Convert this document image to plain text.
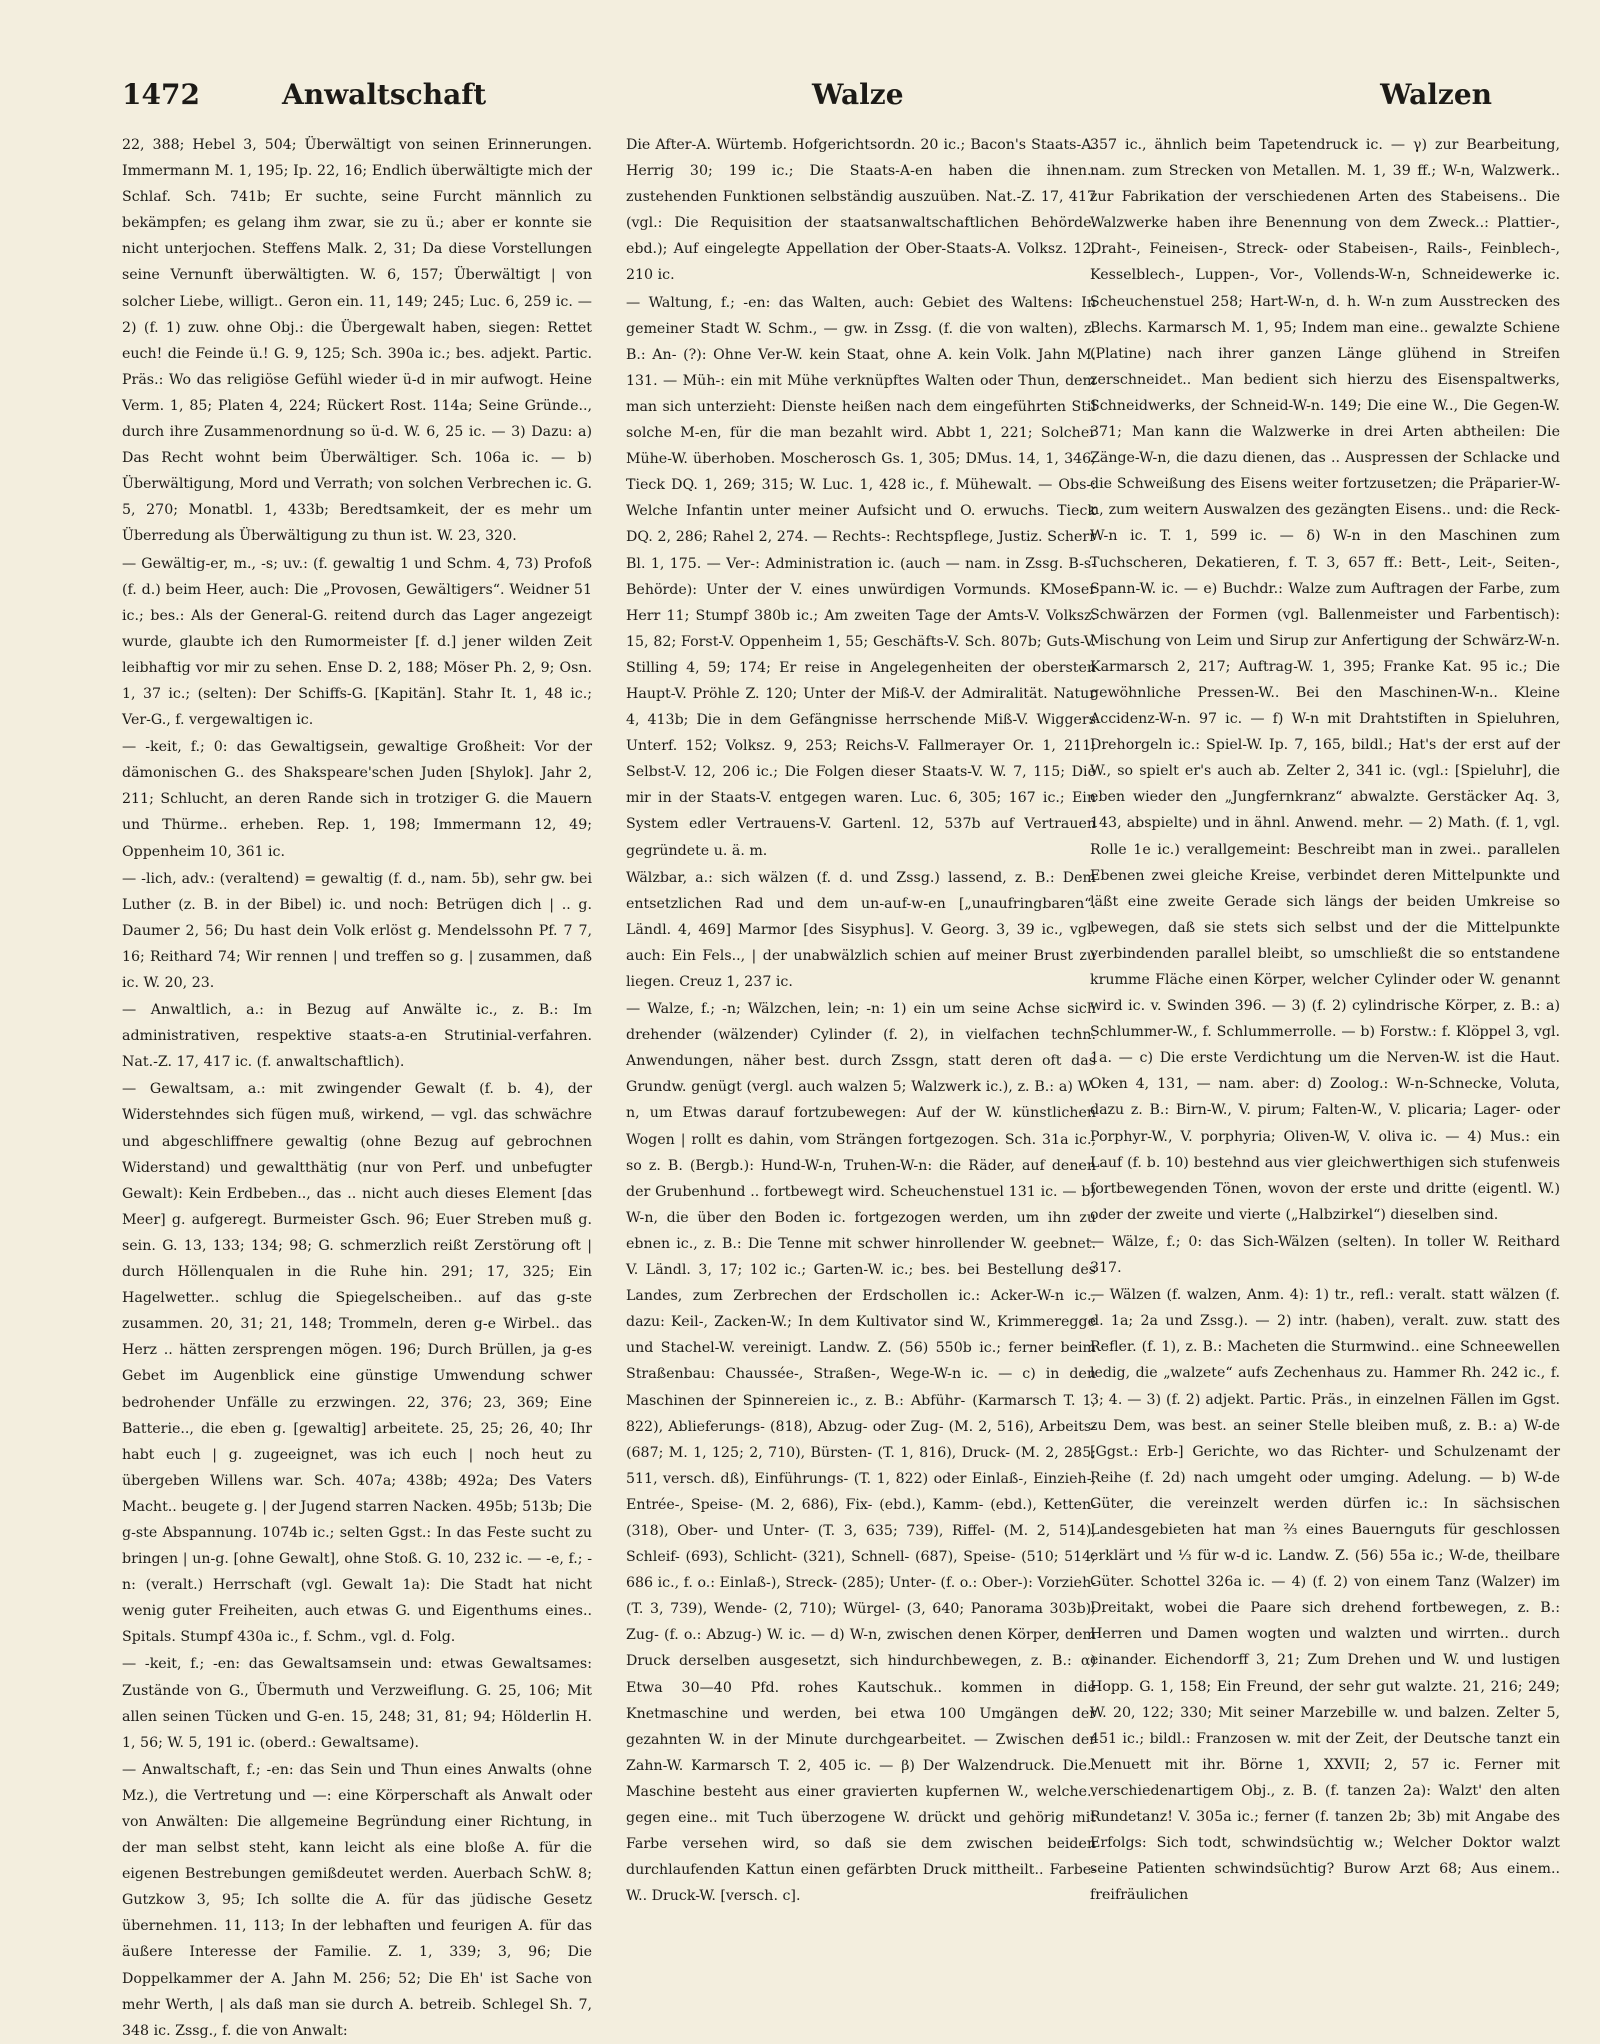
1472	Anwaltschaft	Walze	Walzen

22, 388; Hebel 3, 504; Überwältigt von seinen Erinnerungen. Immermann M. 1, 195; Ip. 22, 16; Endlich überwältigte mich der Schlaf. Sch. 741b; Er suchte, seine Furcht männlich zu bekämpfen; es gelang ihm zwar, sie zu ü.; aber er konnte sie nicht unterjochen. Steffens Malk. 2, 31; Da diese Vorstellungen seine Vernunft überwältigten. W. 6, 157; Überwältigt | von solcher Liebe, willigt.. Geron ein. 11, 149; 245; Luc. 6, 259 ic. — 2) (f. 1) zuw. ohne Obj.: die Übergewalt haben, siegen: Rettet euch! die Feinde ü.! G. 9, 125; Sch. 390a ic.; bes. adjekt. Partic. Präs.: Wo das religiöse Gefühl wieder ü-d in mir aufwogt. Heine Verm. 1, 85; Platen 4, 224; Rückert Rost. 114a; Seine Gründe.., durch ihre Zusammenordnung so ü-d. W. 6, 25 ic. — 3) Dazu: a) Das Recht wohnt beim Überwältiger. Sch. 106a ic. — b) Überwältigung, Mord und Verrath; von solchen Verbrechen ic. G. 5, 270; Monatbl. 1, 433b; Beredtsamkeit, der es mehr um Überredung als Überwältigung zu thun ist. W. 23, 320.

— Gewältig-er, m., -s; uv.: (f. gewaltig 1 und Schm. 4, 73) Profoß (f. d.) beim Heer, auch: Die „Provosen, Gewältigers“. Weidner 51 ic.; bes.: Als der General-G. reitend durch das Lager angezeigt wurde, glaubte ich den Rumormeister [f. d.] jener wilden Zeit leibhaftig vor mir zu sehen. Ense D. 2, 188; Möser Ph. 2, 9; Osn. 1, 37 ic.; (selten): Der Schiffs-G. [Kapitän]. Stahr It. 1, 48 ic.; Ver-G., f. vergewaltigen ic.

— -keit, f.; 0: das Gewaltigsein, gewaltige Großheit: Vor der dämonischen G.. des Shakspeare'schen Juden [Shylok]. Jahr 2, 211; Schlucht, an deren Rande sich in trotziger G. die Mauern und Thürme.. erheben. Rep. 1, 198; Immermann 12, 49; Oppenheim 10, 361 ic.

— -lich, adv.: (veraltend) = gewaltig (f. d., nam. 5b), sehr gw. bei Luther (z. B. in der Bibel) ic. und noch: Betrügen dich | .. g. Daumer 2, 56; Du hast dein Volk erlöst g. Mendelssohn Pf. 7 7, 16; Reithard 74; Wir rennen | und treffen so g. | zusammen, daß ic. W. 20, 23.

— Anwaltlich, a.: in Bezug auf Anwälte ic., z. B.: Im administrativen, respektive staats-a-en Strutinial-verfahren. Nat.-Z. 17, 417 ic. (f. anwaltschaftlich).

— Gewaltsam, a.: mit zwingender Gewalt (f. b. 4), der Widerstehndes sich fügen muß, wirkend, — vgl. das schwächre und abgeschliffnere gewaltig (ohne Bezug auf gebrochnen Widerstand) und gewaltthätig (nur von Perf. und unbefugter Gewalt): Kein Erdbeben.., das .. nicht auch dieses Element [das Meer] g. aufgeregt. Burmeister Gsch. 96; Euer Streben muß g. sein. G. 13, 133; 134; 98; G. schmerzlich reißt Zerstörung oft | durch Höllenqualen in die Ruhe hin. 291; 17, 325; Ein Hagelwetter.. schlug die Spiegelscheiben.. auf das g-ste zusammen. 20, 31; 21, 148; Trommeln, deren g-e Wirbel.. das Herz .. hätten zersprengen mögen. 196; Durch Brüllen, ja g-es Gebet im Augenblick eine günstige Umwendung schwer bedrohender Unfälle zu erzwingen. 22, 376; 23, 369; Eine Batterie.., die eben g. [gewaltig] arbeitete. 25, 25; 26, 40; Ihr habt euch | g. zugeeignet, was ich euch | noch heut zu übergeben Willens war. Sch. 407a; 438b; 492a; Des Vaters Macht.. beugete g. | der Jugend starren Nacken. 495b; 513b; Die g-ste Abspannung. 1074b ic.; selten Ggst.: In das Feste sucht zu bringen | un-g. [ohne Gewalt], ohne Stoß. G. 10, 232 ic. — -e, f.; -n: (veralt.) Herrschaft (vgl. Gewalt 1a): Die Stadt hat nicht wenig guter Freiheiten, auch etwas G. und Eigenthums eines.. Spitals. Stumpf 430a ic., f. Schm., vgl. d. Folg.

— -keit, f.; -en: das Gewaltsamsein und: etwas Gewaltsames: Zustände von G., Übermuth und Verzweiflung. G. 25, 106; Mit allen seinen Tücken und G-en. 15, 248; 31, 81; 94; Hölderlin H. 1, 56; W. 5, 191 ic. (oberd.: Gewaltsame).

— Anwaltschaft, f.; -en: das Sein und Thun eines Anwalts (ohne Mz.), die Vertretung und —: eine Körperschaft als Anwalt oder von Anwälten: Die allgemeine Begründung einer Richtung, in der man selbst steht, kann leicht als eine bloße A. für die eigenen Bestrebungen gemißdeutet werden. Auerbach SchW. 8; Gutzkow 3, 95; Ich sollte die A. für das jüdische Gesetz übernehmen. 11, 113; In der lebhaften und feurigen A. für das äußere Interesse der Familie. Z. 1, 339; 3, 96; Die Doppelkammer der A. Jahn M. 256; 52; Die Eh' ist Sache von mehr Werth, | als daß man sie durch A. betreib. Schlegel Sh. 7, 348 ic. Zssg., f. die von Anwalt:

Die After-A. Würtemb. Hofgerichtsordn. 20 ic.; Bacon's Staats-A. Herrig 30; 199 ic.; Die Staats-A-en haben die ihnen.. zustehenden Funktionen selbständig auszuüben. Nat.-Z. 17, 417 (vgl.: Die Requisition der staatsanwaltschaftlichen Behörde. ebd.); Auf eingelegte Appellation der Ober-Staats-A. Volksz. 12, 210 ic.

— Waltung, f.; -en: das Walten, auch: Gebiet des Waltens: In gemeiner Stadt W. Schm., — gw. in Zssg. (f. die von walten), z. B.: An- (?): Ohne Ver-W. kein Staat, ohne A. kein Volk. Jahn M. 131. — Müh-: ein mit Mühe verknüpftes Walten oder Thun, dem man sich unterzieht: Dienste heißen nach dem eingeführten Stil solche M-en, für die man bezahlt wird. Abbt 1, 221; Solcher Mühe-W. überhoben. Moscherosch Gs. 1, 305; DMus. 14, 1, 346; Tieck DQ. 1, 269; 315; W. Luc. 1, 428 ic., f. Mühewalt. — Obs-: Welche Infantin unter meiner Aufsicht und O. erwuchs. Tieck DQ. 2, 286; Rahel 2, 274. — Rechts-: Rechtspflege, Justiz. Scherr Bl. 1, 175. — Ver-: Administration ic. (auch — nam. in Zssg. B-s-Behörde): Unter der V. eines unwürdigen Vormunds. KMoser Herr 11; Stumpf 380b ic.; Am zweiten Tage der Amts-V. Volksz. 15, 82; Forst-V. Oppenheim 1, 55; Geschäfts-V. Sch. 807b; Guts-V. Stilling 4, 59; 174; Er reise in Angelegenheiten der obersten Haupt-V. Pröhle Z. 120; Unter der Miß-V. der Admiralität. Natur 4, 413b; Die in dem Gefängnisse herrschende Miß-V. Wiggers Unterf. 152; Volksz. 9, 253; Reichs-V. Fallmerayer Or. 1, 211; Selbst-V. 12, 206 ic.; Die Folgen dieser Staats-V. W. 7, 115; Die mir in der Staats-V. entgegen waren. Luc. 6, 305; 167 ic.; Ein System edler Vertrauens-V. Gartenl. 12, 537b auf Vertrauen gegründete u. ä. m.

Wälzbar, a.: sich wälzen (f. d. und Zssg.) lassend, z. B.: Dem entsetzlichen Rad und dem un-auf-w-en [„unaufringbaren“. Ländl. 4, 469] Marmor [des Sisyphus]. V. Georg. 3, 39 ic., vgl. auch: Ein Fels.., | der unabwälzlich schien auf meiner Brust zu liegen. Creuz 1, 237 ic.

— Walze, f.; -n; Wälzchen, lein; -n: 1) ein um seine Achse sich drehender (wälzender) Cylinder (f. 2), in vielfachen techn. Anwendungen, näher best. durch Zssgn, statt deren oft das Grundw. genügt (vergl. auch walzen 5; Walzwerk ic.), z. B.: a) W-n, um Etwas darauf fortzubewegen: Auf der W. künstlichen Wogen | rollt es dahin, vom Strängen fortgezogen. Sch. 31a ic., so z. B. (Bergb.): Hund-W-n, Truhen-W-n: die Räder, auf denen der Grubenhund .. fortbewegt wird. Scheuchenstuel 131 ic. — b) W-n, die über den Boden ic. fortgezogen werden, um ihn zu ebnen ic., z. B.: Die Tenne mit schwer hinrollender W. geebnet. V. Ländl. 3, 17; 102 ic.; Garten-W. ic.; bes. bei Bestellung des Landes, zum Zerbrechen der Erdschollen ic.: Acker-W-n ic., dazu: Keil-, Zacken-W.; In dem Kultivator sind W., Krimmeregge und Stachel-W. vereinigt. Landw. Z. (56) 550b ic.; ferner beim Straßenbau: Chaussée-, Straßen-, Wege-W-n ic. — c) in den Maschinen der Spinnereien ic., z. B.: Abführ- (Karmarsch T. 1, 822), Ablieferungs- (818), Abzug- oder Zug- (M. 2, 516), Arbeits- (687; M. 1, 125; 2, 710), Bürsten- (T. 1, 816), Druck- (M. 2, 285; 511, versch. dß), Einführungs- (T. 1, 822) oder Einlaß-, Einzieh-, Entrée-, Speise- (M. 2, 686), Fix- (ebd.), Kamm- (ebd.), Ketten- (318), Ober- und Unter- (T. 3, 635; 739), Riffel- (M. 2, 514), Schleif- (693), Schlicht- (321), Schnell- (687), Speise- (510; 514; 686 ic., f. o.: Einlaß-), Streck- (285); Unter- (f. o.: Ober-): Vorzieh- (T. 3, 739), Wende- (2, 710); Würgel- (3, 640; Panorama 303b); Zug- (f. o.: Abzug-) W. ic. — d) W-n, zwischen denen Körper, dem Druck derselben ausgesetzt, sich hindurchbewegen, z. B.: α) Etwa 30—40 Pfd. rohes Kautschuk.. kommen in die Knetmaschine und werden, bei etwa 100 Umgängen der gezahnten W. in der Minute durchgearbeitet. — Zwischen der Zahn-W. Karmarsch T. 2, 405 ic. — β) Der Walzendruck. Die.. Maschine besteht aus einer gravierten kupfernen W., welche.. gegen eine.. mit Tuch überzogene W. drückt und gehörig mit Farbe versehen wird, so daß sie dem zwischen beiden durchlaufenden Kattun einen gefärbten Druck mittheilt.. Farbe-W.. Druck-W. [versch. c].

357 ic., ähnlich beim Tapetendruck ic. — γ) zur Bearbeitung, nam. zum Strecken von Metallen. M. 1, 39 ff.; W-n, Walzwerk.. zur Fabrikation der verschiedenen Arten des Stabeisens.. Die Walzwerke haben ihre Benennung von dem Zweck..: Plattier-, Draht-, Feineisen-, Streck- oder Stabeisen-, Rails-, Feinblech-, Kesselblech-, Luppen-, Vor-, Vollends-W-n, Schneidewerke ic. Scheuchenstuel 258; Hart-W-n, d. h. W-n zum Ausstrecken des Blechs. Karmarsch M. 1, 95; Indem man eine.. gewalzte Schiene (Platine) nach ihrer ganzen Länge glühend in Streifen zerschneidet.. Man bedient sich hierzu des Eisenspaltwerks, Schneidwerks, der Schneid-W-n. 149; Die eine W.., Die Gegen-W. 371; Man kann die Walzwerke in drei Arten abtheilen: Die Zänge-W-n, die dazu dienen, das .. Auspressen der Schlacke und die Schweißung des Eisens weiter fortzusetzen; die Präparier-W-n, zum weitern Auswalzen des gezängten Eisens.. und: die Reck-W-n ic. T. 1, 599 ic. — δ) W-n in den Maschinen zum Tuchscheren, Dekatieren, f. T. 3, 657 ff.: Bett-, Leit-, Seiten-, Spann-W. ic. — e) Buchdr.: Walze zum Auftragen der Farbe, zum Schwärzen der Formen (vgl. Ballenmeister und Farbentisch): Mischung von Leim und Sirup zur Anfertigung der Schwärz-W-n. Karmarsch 2, 217; Auftrag-W. 1, 395; Franke Kat. 95 ic.; Die gewöhnliche Pressen-W.. Bei den Maschinen-W-n.. Kleine Accidenz-W-n. 97 ic. — f) W-n mit Drahtstiften in Spieluhren, Drehorgeln ic.: Spiel-W. Ip. 7, 165, bildl.; Hat's der erst auf der W., so spielt er's auch ab. Zelter 2, 341 ic. (vgl.: [Spieluhr], die eben wieder den „Jungfernkranz“ abwalzte. Gerstäcker Aq. 3, 143, abspielte) und in ähnl. Anwend. mehr. — 2) Math. (f. 1, vgl. Rolle 1e ic.) verallgemeint: Beschreibt man in zwei.. parallelen Ebenen zwei gleiche Kreise, verbindet deren Mittelpunkte und läßt eine zweite Gerade sich längs der beiden Umkreise so bewegen, daß sie stets sich selbst und der die Mittelpunkte verbindenden parallel bleibt, so umschließt die so entstandene krumme Fläche einen Körper, welcher Cylinder oder W. genannt wird ic. v. Swinden 396. — 3) (f. 2) cylindrische Körper, z. B.: a) Schlummer-W., f. Schlummerrolle. — b) Forstw.: f. Klöppel 3, vgl. 1a. — c) Die erste Verdichtung um die Nerven-W. ist die Haut. Oken 4, 131, — nam. aber: d) Zoolog.: W-n-Schnecke, Voluta, dazu z. B.: Birn-W., V. pirum; Falten-W., V. plicaria; Lager- oder Porphyr-W., V. porphyria; Oliven-W, V. oliva ic. — 4) Mus.: ein Lauf (f. b. 10) bestehnd aus vier gleichwerthigen sich stufenweis fortbewegenden Tönen, wovon der erste und dritte (eigentl. W.) oder der zweite und vierte („Halbzirkel“) dieselben sind.

— Wälze, f.; 0: das Sich-Wälzen (selten). In toller W. Reithard 317.

— Wälzen (f. walzen, Anm. 4): 1) tr., refl.: veralt. statt wälzen (f. d. 1a; 2a und Zssg.). — 2) intr. (haben), veralt. zuw. statt des Refler. (f. 1), z. B.: Macheten die Sturmwind.. eine Schneewellen ledig, die „walzete“ aufs Zechenhaus zu. Hammer Rh. 242 ic., f. 3; 4. — 3) (f. 2) adjekt. Partic. Präs., in einzelnen Fällen im Ggst. zu Dem, was best. an seiner Stelle bleiben muß, z. B.: a) W-de [Ggst.: Erb-] Gerichte, wo das Richter- und Schulzenamt der Reihe (f. 2d) nach umgeht oder umging. Adelung. — b) W-de Güter, die vereinzelt werden dürfen ic.: In sächsischen Landesgebieten hat man ⅔ eines Bauernguts für geschlossen erklärt und ⅓ für w-d ic. Landw. Z. (56) 55a ic.; W-de, theilbare Güter. Schottel 326a ic. — 4) (f. 2) von einem Tanz (Walzer) im Dreitakt, wobei die Paare sich drehend fortbewegen, z. B.: Herren und Damen wogten und walzten und wirrten.. durch einander. Eichendorff 3, 21; Zum Drehen und W. und lustigen Hopp. G. 1, 158; Ein Freund, der sehr gut walzte. 21, 216; 249; W. 20, 122; 330; Mit seiner Marzebille w. und balzen. Zelter 5, 451 ic.; bildl.: Franzosen w. mit der Zeit, der Deutsche tanzt ein Menuett mit ihr. Börne 1, XXVII; 2, 57 ic. Ferner mit verschiedenartigem Obj., z. B. (f. tanzen 2a): Walzt' den alten Rundetanz! V. 305a ic.; ferner (f. tanzen 2b; 3b) mit Angabe des Erfolgs: Sich todt, schwindsüchtig w.; Welcher Doktor walzt seine Patienten schwindsüchtig? Burow Arzt 68; Aus einem.. freifräulichen
